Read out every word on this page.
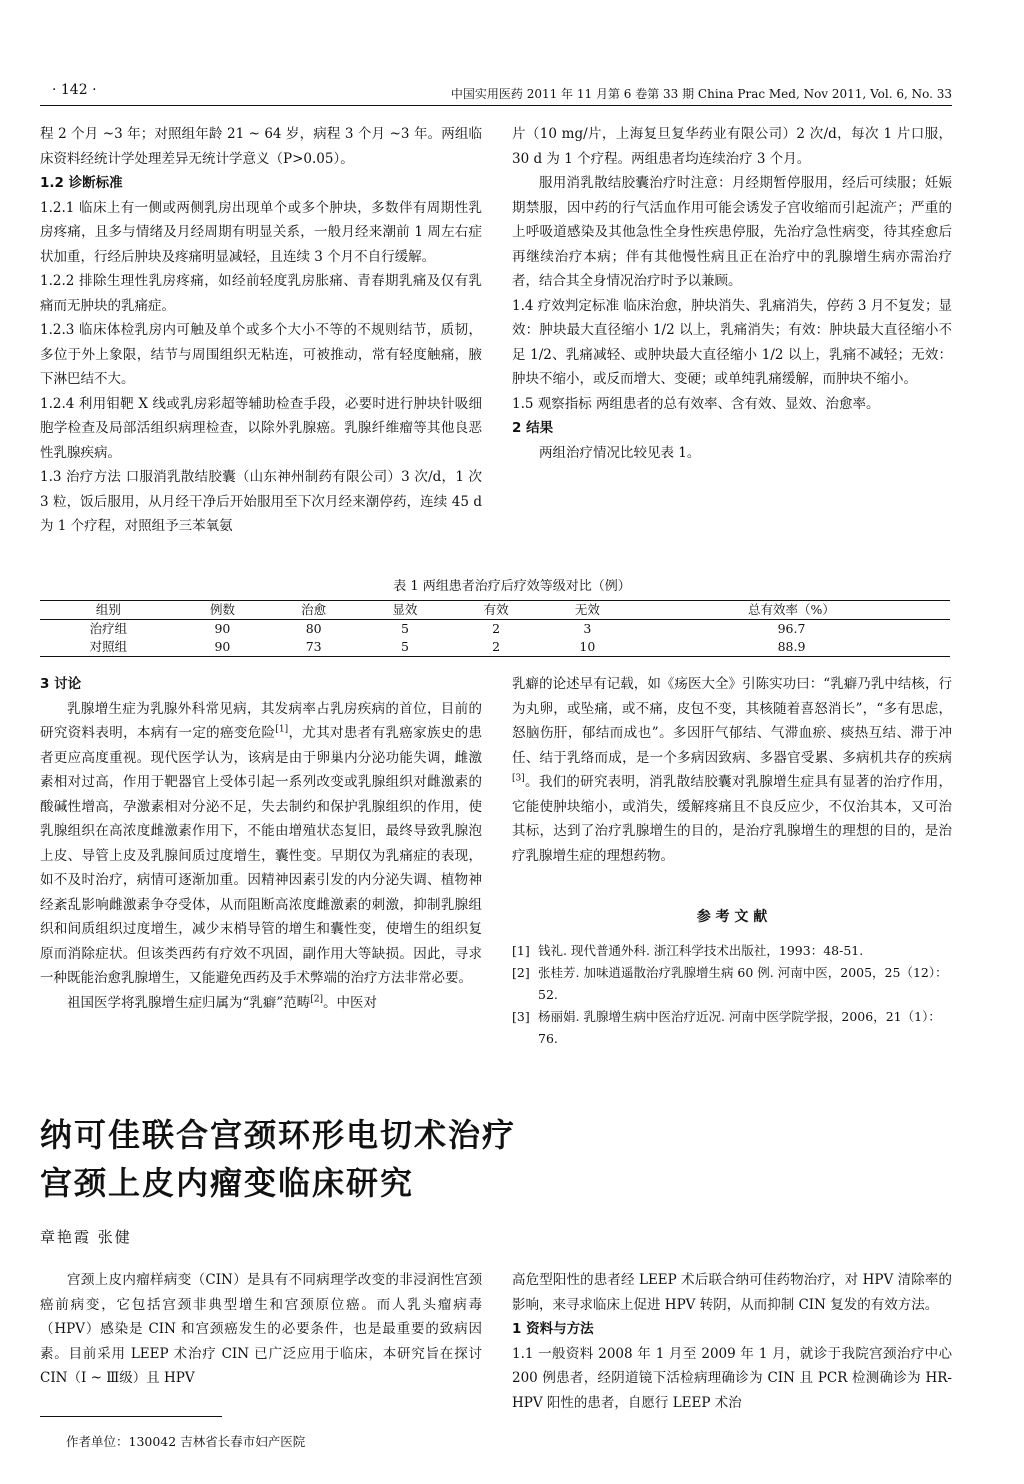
· 142 ·	中国实用医药 2011 年 11 月第 6 卷第 33 期 China Prac Med, Nov 2011, Vol. 6, No. 33

程 2 个月 ~3 年；对照组年龄 21 ~ 64 岁，病程 3 个月 ~3 年。两组临床资料经统计学处理差异无统计学意义（P>0.05）。

1.2 诊断标准

1.2.1 临床上有一侧或两侧乳房出现单个或多个肿块，多数伴有周期性乳房疼痛，且多与情绪及月经周期有明显关系，一般月经来潮前 1 周左右症状加重，行经后肿块及疼痛明显减轻，且连续 3 个月不自行缓解。

1.2.2 排除生理性乳房疼痛，如经前轻度乳房胀痛、青春期乳痛及仅有乳痛而无肿块的乳痛症。

1.2.3 临床体检乳房内可触及单个或多个大小不等的不规则结节，质韧，多位于外上象限，结节与周围组织无粘连，可被推动，常有轻度触痛，腋下淋巴结不大。

1.2.4 利用钼靶 X 线或乳房彩超等辅助检查手段，必要时进行肿块针吸细胞学检查及局部活组织病理检查，以除外乳腺癌。乳腺纤维瘤等其他良恶性乳腺疾病。

1.3 治疗方法 口服消乳散结胶囊（山东神州制药有限公司）3 次/d，1 次 3 粒，饭后服用，从月经干净后开始服用至下次月经来潮停药，连续 45 d 为 1 个疗程，对照组予三苯氧氨

片（10 mg/片，上海复旦复华药业有限公司）2 次/d，每次 1 片口服，30 d 为 1 个疗程。两组患者均连续治疗 3 个月。

服用消乳散结胶囊治疗时注意：月经期暂停服用，经后可续服；妊娠期禁服，因中药的行气活血作用可能会诱发子宫收缩而引起流产；严重的上呼吸道感染及其他急性全身性疾患停服，先治疗急性病变，待其痊愈后再继续治疗本病；伴有其他慢性病且正在治疗中的乳腺增生病亦需治疗者，结合其全身情况治疗时予以兼顾。

1.4 疗效判定标准 临床治愈，肿块消失、乳痛消失，停药 3 月不复发；显效：肿块最大直径缩小 1/2 以上，乳痛消失；有效：肿块最大直径缩小不足 1/2、乳痛减轻、或肿块最大直径缩小 1/2 以上，乳痛不减轻；无效：肿块不缩小，或反而增大、变硬；或单纯乳痛缓解，而肿块不缩小。

1.5 观察指标 两组患者的总有效率、含有效、显效、治愈率。

2 结果

两组治疗情况比较见表 1。

表 1 两组患者治疗后疗效等级对比（例）
组别	例数	治愈	显效	有效	无效	总有效率（%）
治疗组	90	80	5	2	3	96.7
对照组	90	73	5	2	10	88.9

3 讨论

乳腺增生症为乳腺外科常见病，其发病率占乳房疾病的首位，目前的研究资料表明，本病有一定的癌变危险[1]，尤其对患者有乳癌家族史的患者更应高度重视。现代医学认为，该病是由于卵巢内分泌功能失调，雌激素相对过高，作用于靶器官上受体引起一系列改变或乳腺组织对雌激素的酸碱性增高，孕激素相对分泌不足，失去制约和保护乳腺组织的作用，使乳腺组织在高浓度雌激素作用下，不能由增殖状态复旧，最终导致乳腺泡上皮、导管上皮及乳腺间质过度增生，囊性变。早期仅为乳痛症的表现，如不及时治疗，病情可逐渐加重。因精神因素引发的内分泌失调、植物神经紊乱影响雌激素争夺受体，从而阻断高浓度雌激素的刺激，抑制乳腺组织和间质组织过度增生，减少末梢导管的增生和囊性变，使增生的组织复原而消除症状。但该类西药有疗效不巩固，副作用大等缺损。因此，寻求一种既能治愈乳腺增生，又能避免西药及手术弊端的治疗方法非常必要。

祖国医学将乳腺增生症归属为“乳癖”范畴[2]。中医对

乳癖的论述早有记载，如《疡医大全》引陈实功曰：“乳癖乃乳中结核，行为丸卵，或坠痛，或不痛，皮包不变，其核随着喜怒消长”，“多有思虑，怒脑伤肝，郁结而成也”。多因肝气郁结、气滞血瘀、痰热互结、滞于冲任、结于乳络而成，是一个多病因致病、多器官受累、多病机共存的疾病[3]。我们的研究表明，消乳散结胶囊对乳腺增生症具有显著的治疗作用，它能使肿块缩小，或消失，缓解疼痛且不良反应少，不仅治其本，又可治其标，达到了治疗乳腺增生的目的，是治疗乳腺增生的理想的目的，是治疗乳腺增生症的理想药物。

参 考 文 献
[1] 钱礼. 现代普通外科. 浙江科学技术出版社，1993：48-51.
[2] 张桂芳. 加味逍遥散治疗乳腺增生病 60 例. 河南中医，2005，25（12）：52.
[3] 杨丽娟. 乳腺增生病中医治疗近况. 河南中医学院学报，2006，21（1）：76.
纳可佳联合宫颈环形电切术治疗
宫颈上皮内瘤变临床研究
章艳霞 张健

宫颈上皮内瘤样病变（CIN）是具有不同病理学改变的非浸润性宫颈癌前病变，它包括宫颈非典型增生和宫颈原位癌。而人乳头瘤病毒（HPV）感染是 CIN 和宫颈癌发生的必要条件，也是最重要的致病因素。目前采用 LEEP 术治疗 CIN 已广泛应用于临床，本研究旨在探讨 CIN（Ⅰ ~ Ⅲ级）且 HPV

作者单位：130042 吉林省长春市妇产医院

高危型阳性的患者经 LEEP 术后联合纳可佳药物治疗，对 HPV 清除率的影响，来寻求临床上促进 HPV 转阴，从而抑制 CIN 复发的有效方法。

1 资料与方法

1.1 一般资料 2008 年 1 月至 2009 年 1 月，就诊于我院宫颈治疗中心 200 例患者，经阴道镜下活检病理确诊为 CIN 且 PCR 检测确诊为 HR-HPV 阳性的患者，自愿行 LEEP 术治
